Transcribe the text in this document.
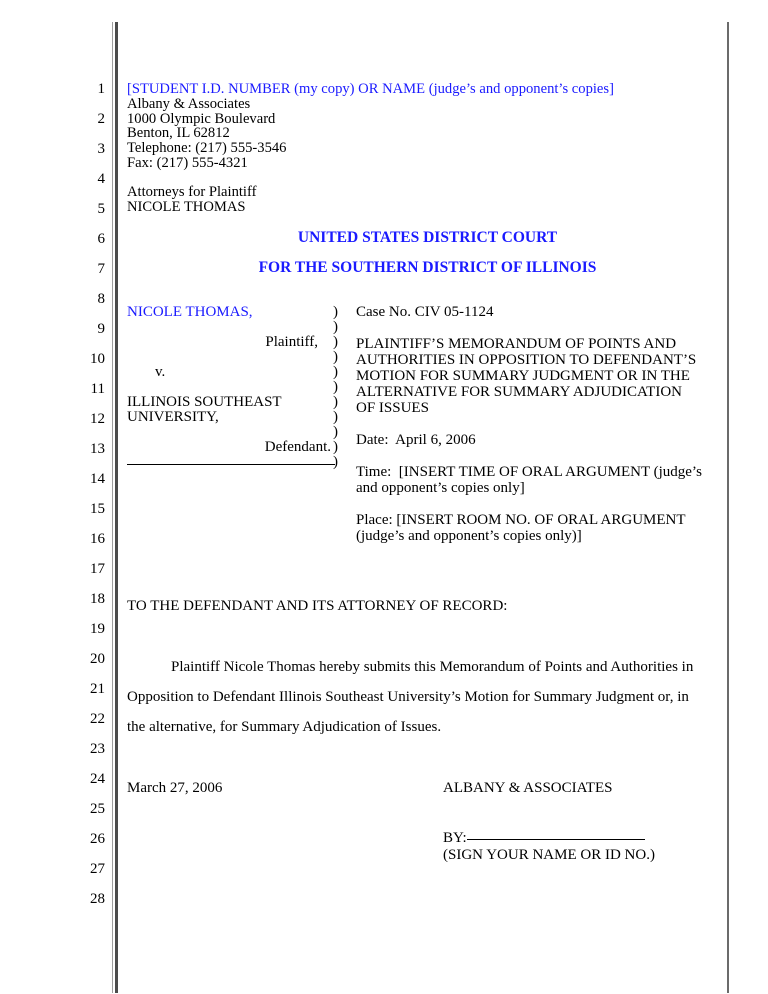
1
2
3
4
5
6
7
8
9
10
11
12
13
14
15
16
17
18
19
20
21
22
23
24
25
26
27
28
[STUDENT I.D. NUMBER (my copy) OR NAME (judge’s and opponent’s copies]
Albany & Associates
1000 Olympic Boulevard
Benton, IL 62812
Telephone: (217) 555-3546
Fax: (217) 555-4321
Attorneys for Plaintiff
NICOLE THOMAS
UNITED STATES DISTRICT COURT
FOR THE SOUTHERN DISTRICT OF ILLINOIS
NICOLE THOMAS,
Plaintiff,
v.
ILLINOIS SOUTHEAST
UNIVERSITY,
Defendant.
)
)
)
)
)
)
)
)
)
)
)
Case No. CIV 05-1124
PLAINTIFF’S MEMORANDUM OF POINTS AND
AUTHORITIES IN OPPOSITION TO DEFENDANT’S
MOTION FOR SUMMARY JUDGMENT OR IN THE
ALTERNATIVE FOR SUMMARY ADJUDICATION
OF ISSUES
Date:  April 6, 2006
Time:  [INSERT TIME OF ORAL ARGUMENT (judge’s
and opponent’s copies only]
Place: [INSERT ROOM NO. OF ORAL ARGUMENT
(judge’s and opponent’s copies only)]
TO THE DEFENDANT AND ITS ATTORNEY OF RECORD:
Plaintiff Nicole Thomas hereby submits this Memorandum of Points and Authorities in
Opposition to Defendant Illinois Southeast University’s Motion for Summary Judgment or, in
the alternative, for Summary Adjudication of Issues.
March 27, 2006	ALBANY & ASSOCIATES
BY:
(SIGN YOUR NAME OR ID NO.)
